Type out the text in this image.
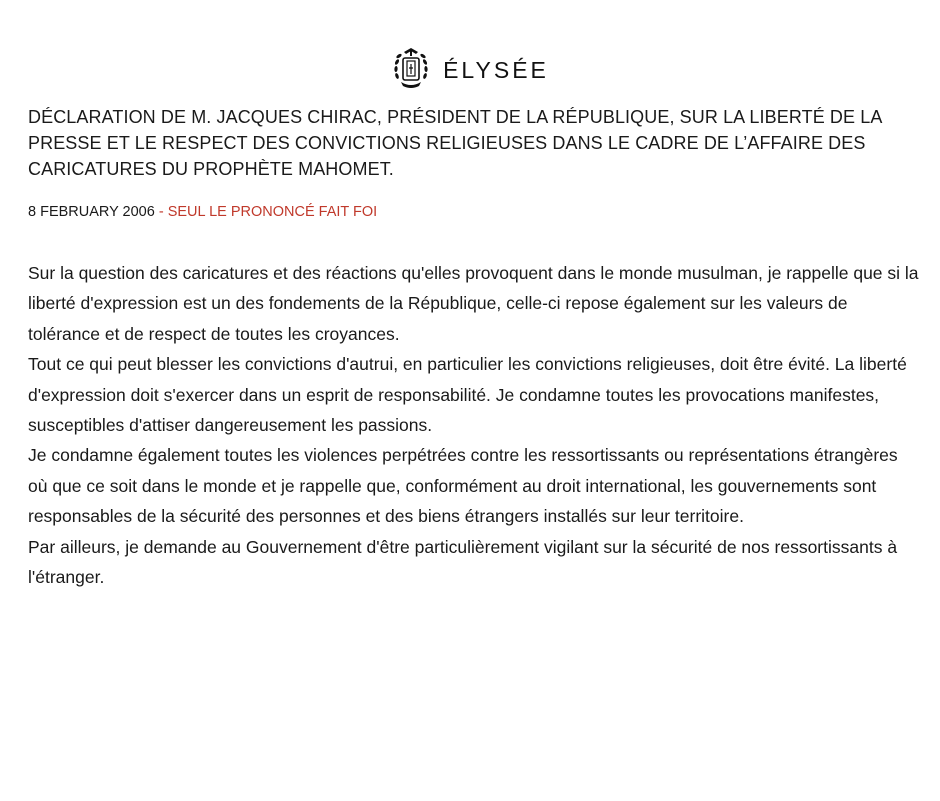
ÉLYSÉE
DÉCLARATION DE M. JACQUES CHIRAC, PRÉSIDENT DE LA RÉPUBLIQUE, SUR LA LIBERTÉ DE LA PRESSE ET LE RESPECT DES CONVICTIONS RELIGIEUSES DANS LE CADRE DE L’AFFAIRE DES CARICATURES DU PROPHÈTE MAHOMET.
8 FEBRUARY 2006 - SEUL LE PRONONCÉ FAIT FOI

Sur la question des caricatures et des réactions qu'elles provoquent dans le monde musulman, je rappelle que si la liberté d'expression est un des fondements de la République, celle-ci repose également sur les valeurs de tolérance et de respect de toutes les croyances.

Tout ce qui peut blesser les convictions d'autrui, en particulier les convictions religieuses, doit être évité. La liberté d'expression doit s'exercer dans un esprit de responsabilité. Je condamne toutes les provocations manifestes, susceptibles d'attiser dangereusement les passions.

Je condamne également toutes les violences perpétrées contre les ressortissants ou représentations étrangères où que ce soit dans le monde et je rappelle que, conformément au droit international, les gouvernements sont responsables de la sécurité des personnes et des biens étrangers installés sur leur territoire.

Par ailleurs, je demande au Gouvernement d'être particulièrement vigilant sur la sécurité de nos ressortissants à l'étranger.
